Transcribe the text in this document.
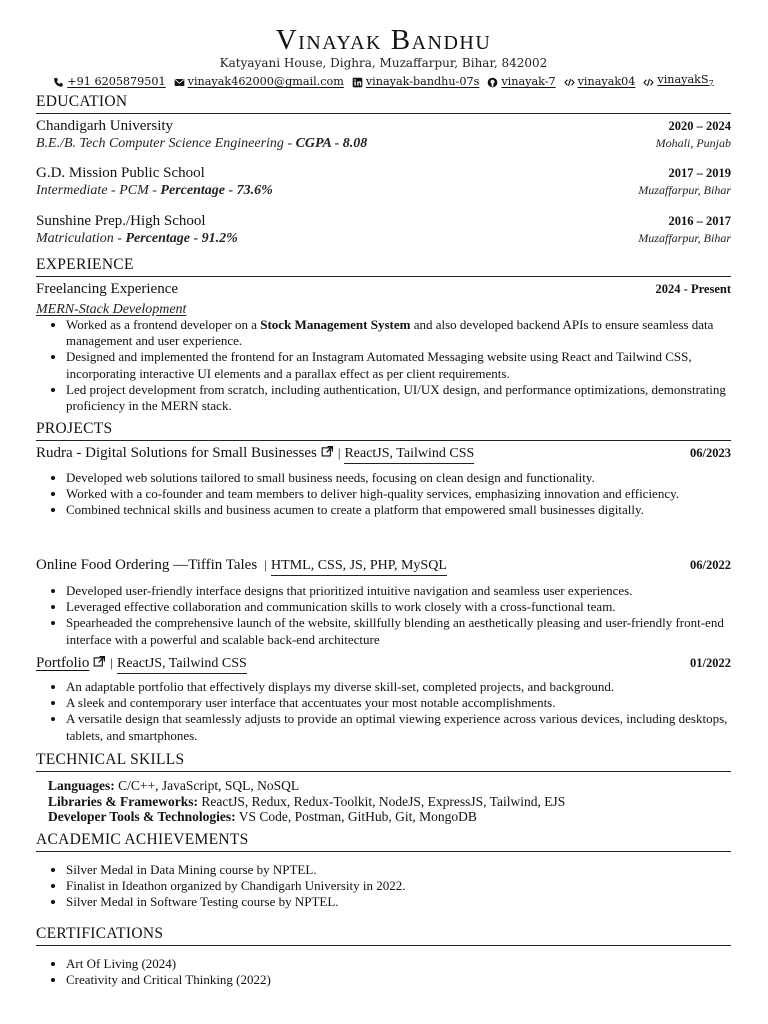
Vinayak Bandhu
Katyayani House, Dighra, Muzaffarpur, Bihar, 842002
+91 6205879501 vinayak462000@gmail.com vinayak-bandhu-07s vinayak-7 vinayak04 vinayakS$_7$
EDUCATION
Chandigarh University	2020 – 2024
B.E./B. Tech Computer Science Engineering - CGPA - 8.08	Mohali, Punjab
G.D. Mission Public School	2017 – 2019
Intermediate - PCM - Percentage - 73.6%	Muzaffarpur, Bihar
Sunshine Prep./High School	2016 – 2017
Matriculation - Percentage - 91.2%	Muzaffarpur, Bihar
EXPERIENCE
Freelancing Experience	2024 - Present
MERN-Stack Development
• Worked as a frontend developer on a Stock Management System and also developed backend APIs to ensure seamless data management and user experience.
• Designed and implemented the frontend for an Instagram Automated Messaging website using React and Tailwind CSS, incorporating interactive UI elements and a parallax effect as per client requirements.
• Led project development from scratch, including authentication, UI/UX design, and performance optimizations, demonstrating proficiency in the MERN stack.
PROJECTS
Rudra - Digital Solutions for Small Businesses | ReactJS, Tailwind CSS	06/2023
• Developed web solutions tailored to small business needs, focusing on clean design and functionality.
• Worked with a co-founder and team members to deliver high-quality services, emphasizing innovation and efficiency.
• Combined technical skills and business acumen to create a platform that empowered small businesses digitally.
Online Food Ordering —Tiffin Tales | HTML, CSS, JS, PHP, MySQL	06/2022
• Developed user-friendly interface designs that prioritized intuitive navigation and seamless user experiences.
• Leveraged effective collaboration and communication skills to work closely with a cross-functional team.
• Spearheaded the comprehensive launch of the website, skillfully blending an aesthetically pleasing and user-friendly front-end interface with a powerful and scalable back-end architecture
Portfolio | ReactJS, Tailwind CSS	01/2022
• An adaptable portfolio that effectively displays my diverse skill-set, completed projects, and background.
• A sleek and contemporary user interface that accentuates your most notable accomplishments.
• A versatile design that seamlessly adjusts to provide an optimal viewing experience across various devices, including desktops, tablets, and smartphones.
TECHNICAL SKILLS
Languages: C/C++, JavaScript, SQL, NoSQL
Libraries & Frameworks: ReactJS, Redux, Redux-Toolkit, NodeJS, ExpressJS, Tailwind, EJS
Developer Tools & Technologies: VS Code, Postman, GitHub, Git, MongoDB
ACADEMIC ACHIEVEMENTS
• Silver Medal in Data Mining course by NPTEL.
• Finalist in Ideathon organized by Chandigarh University in 2022.
• Silver Medal in Software Testing course by NPTEL.
CERTIFICATIONS
• Art Of Living (2024)
• Creativity and Critical Thinking (2022)
